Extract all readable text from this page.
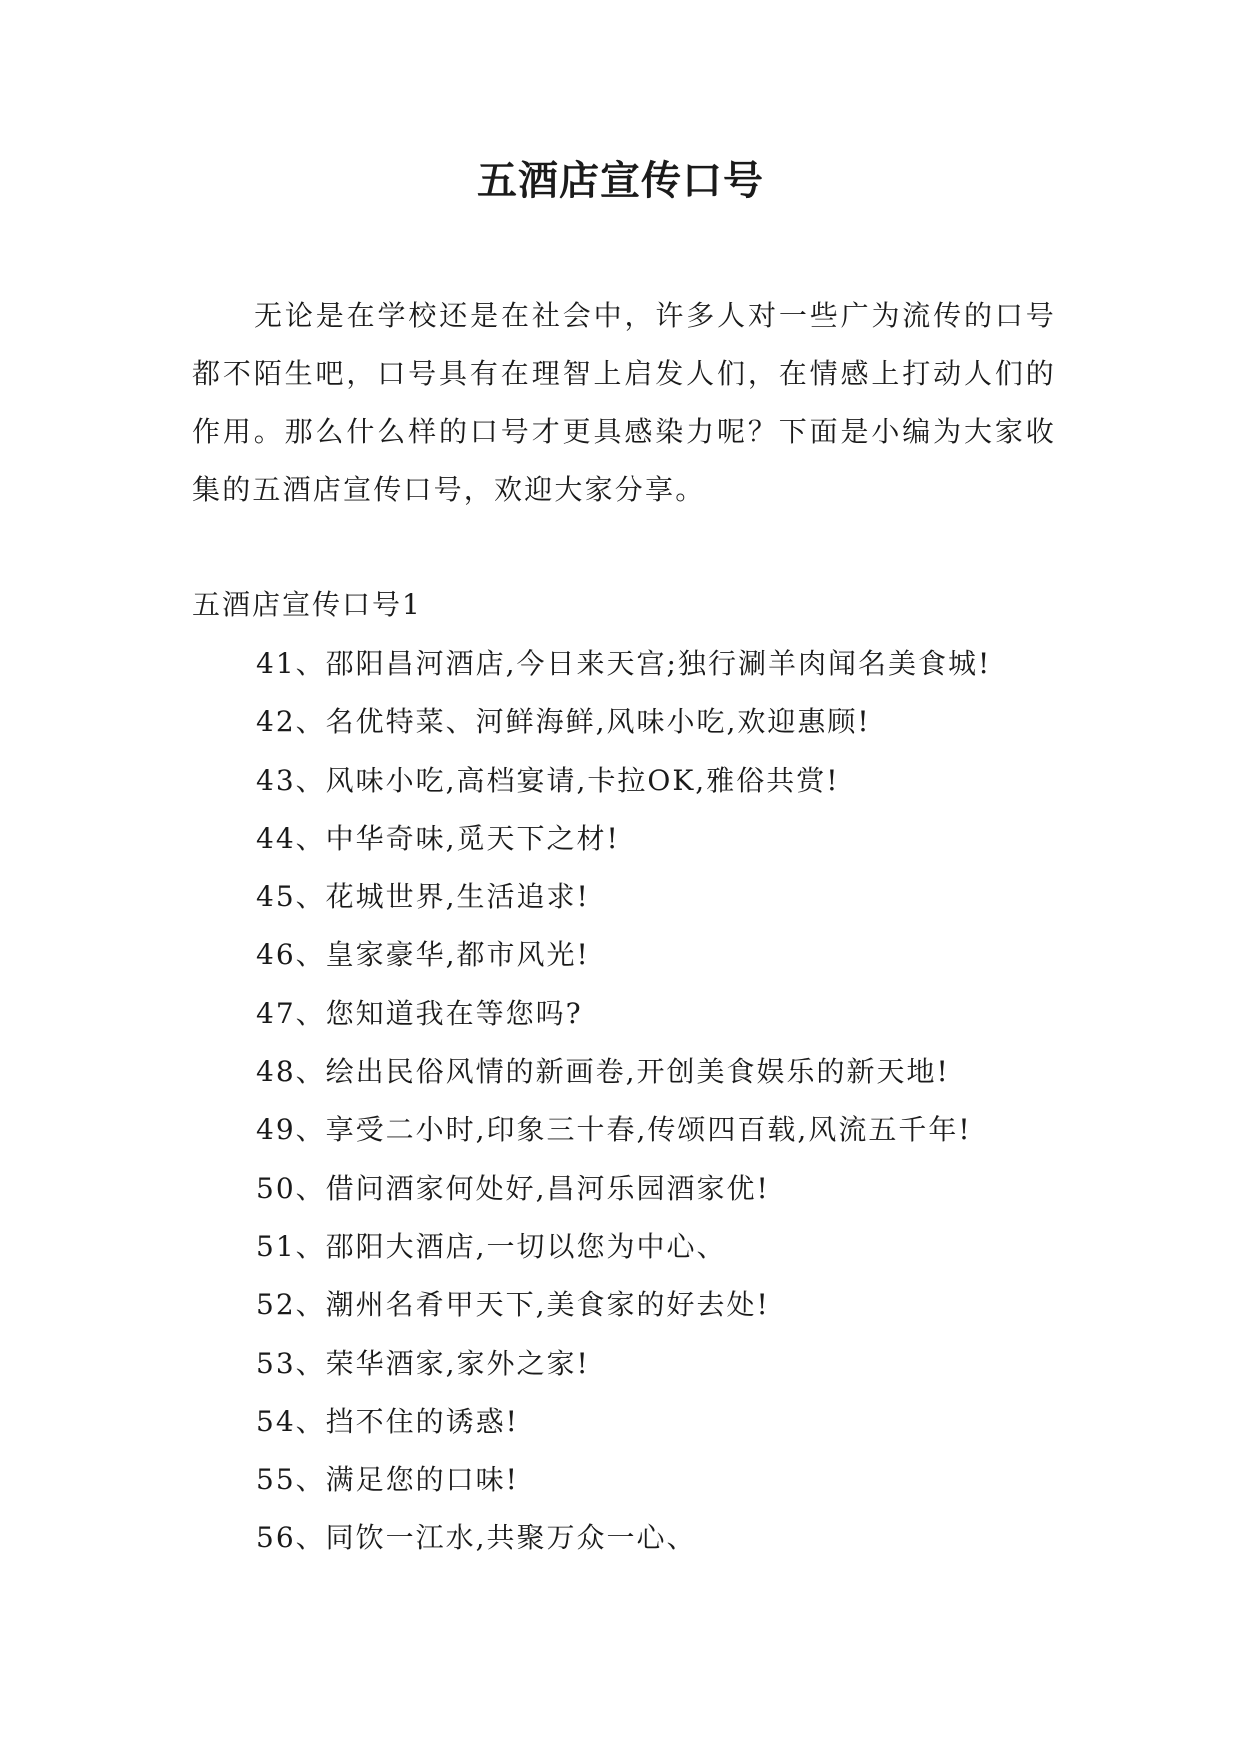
五酒店宣传口号

无论是在学校还是在社会中，许多人对一些广为流传的口号都不陌生吧，口号具有在理智上启发人们，在情感上打动人们的作用。那么什么样的口号才更具感染力呢？下面是小编为大家收集的五酒店宣传口号，欢迎大家分享。

五酒店宣传口号1
41、邵阳昌河酒店,今日来天宫;独行涮羊肉闻名美食城!
42、名优特菜、河鲜海鲜,风味小吃,欢迎惠顾!
43、风味小吃,高档宴请,卡拉OK,雅俗共赏!
44、中华奇味,觅天下之材!
45、花城世界,生活追求!
46、皇家豪华,都市风光!
47、您知道我在等您吗?
48、绘出民俗风情的新画卷,开创美食娱乐的新天地!
49、享受二小时,印象三十春,传颂四百载,风流五千年!
50、借问酒家何处好,昌河乐园酒家优!
51、邵阳大酒店,一切以您为中心、
52、潮州名肴甲天下,美食家的好去处!
53、荣华酒家,家外之家!
54、挡不住的诱惑!
55、满足您的口味!
56、同饮一江水,共聚万众一心、
